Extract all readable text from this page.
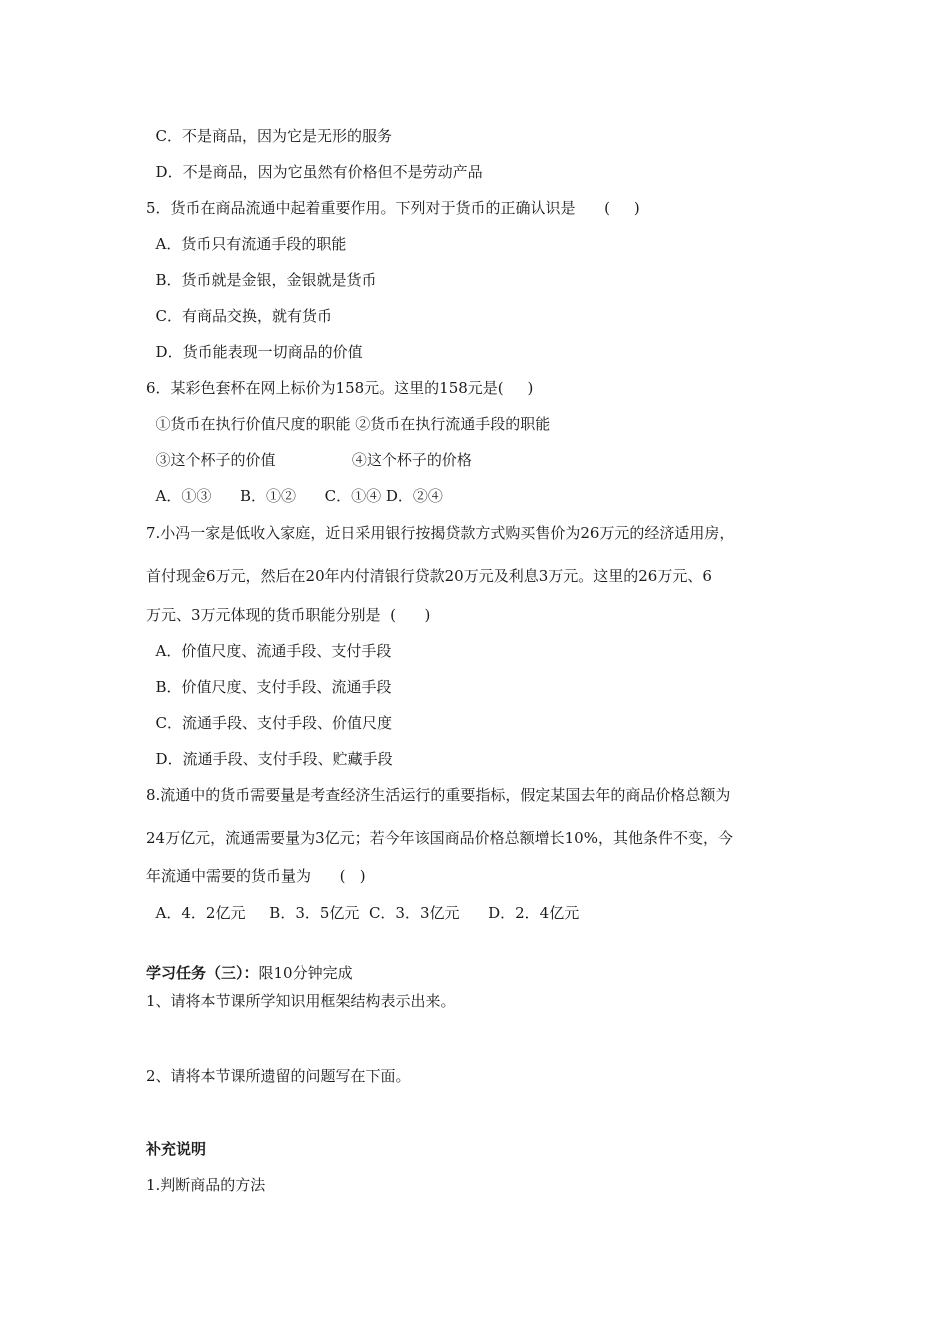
C．不是商品，因为它是无形的服务
D．不是商品，因为它虽然有价格但不是劳动产品
5．货币在商品流通中起着重要作用。下列对于货币的正确认识是      (     )
A．货币只有流通手段的职能
B．货币就是金银，金银就是货币
C．有商品交换，就有货币
D．货币能表现一切商品的价值
6．某彩色套杯在网上标价为158元。这里的158元是(     )
①货币在执行价值尺度的职能 ②货币在执行流通手段的职能
③这个杯子的价值                ④这个杯子的价格
A．①③      B．①②      C．①④ D．②④
7.小冯一家是低收入家庭，近日采用银行按揭贷款方式购买售价为26万元的经济适用房，
首付现金6万元，然后在20年内付清银行贷款20万元及利息3万元。这里的26万元、6
万元、3万元体现的货币职能分别是  (      )
A．价值尺度、流通手段、支付手段
B．价值尺度、支付手段、流通手段
C．流通手段、支付手段、价值尺度
D．流通手段、支付手段、贮藏手段
8.流通中的货币需要量是考查经济生活运行的重要指标，假定某国去年的商品价格总额为
24万亿元，流通需要量为3亿元；若今年该国商品价格总额增长10%，其他条件不变，今
年流通中需要的货币量为      (   )
A．4．2亿元     B．3．5亿元  C．3．3亿元      D．2．4亿元
学习任务（三）：限10分钟完成
1、请将本节课所学知识用框架结构表示出来。
2、请将本节课所遗留的问题写在下面。
补充说明
1.判断商品的方法
